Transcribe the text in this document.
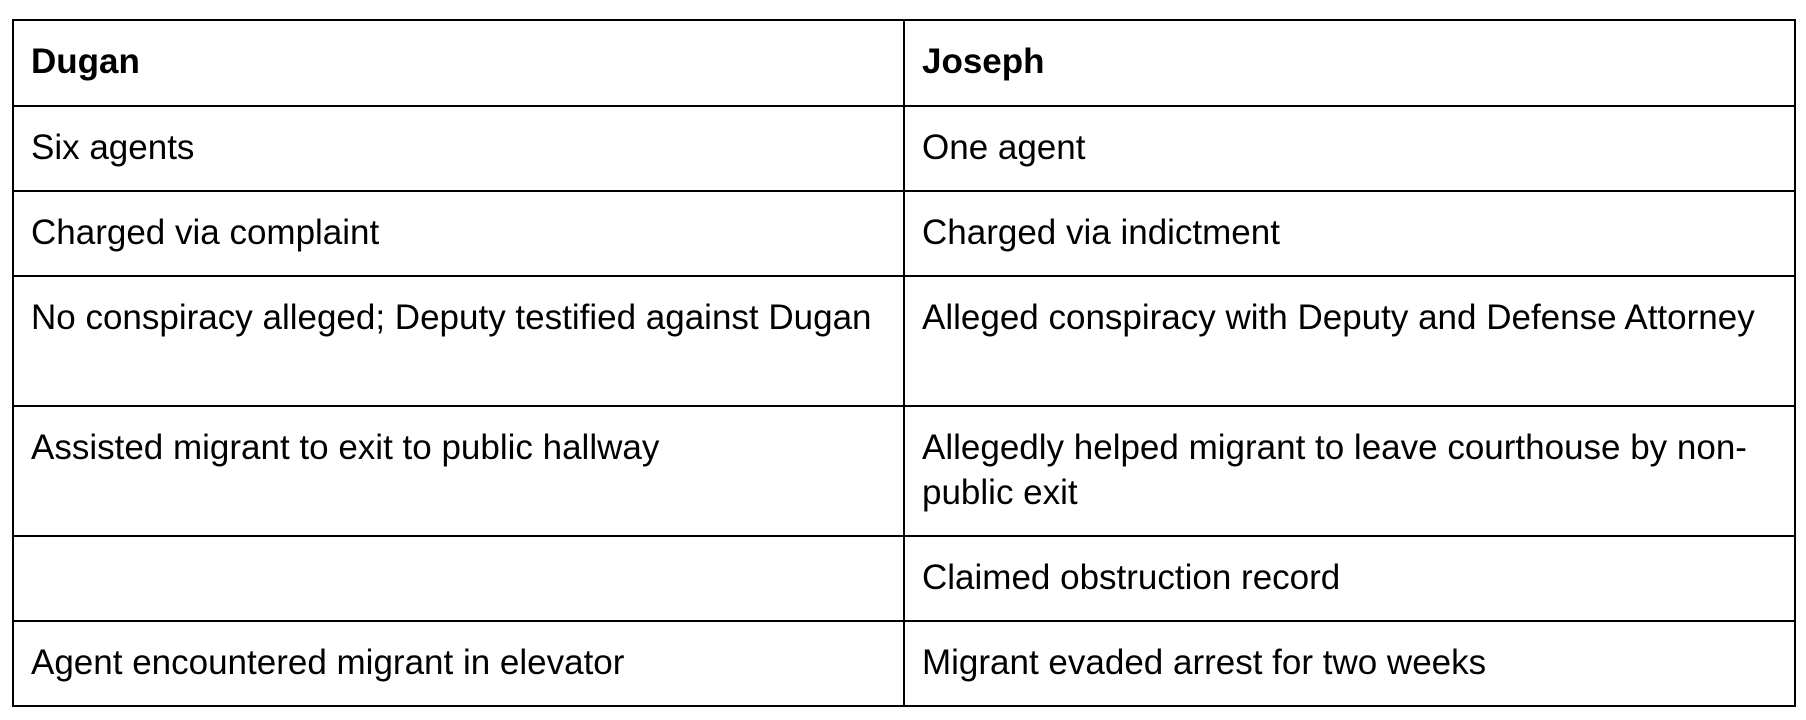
Dugan	Joseph
Six agents	One agent
Charged via complaint	Charged via indictment
No conspiracy alleged; Deputy testified against Dugan	Alleged conspiracy with Deputy and Defense Attorney
Assisted migrant to exit to public hallway	Allegedly helped migrant to leave courthouse by non-public exit
	Claimed obstruction record
Agent encountered migrant in elevator	Migrant evaded arrest for two weeks
